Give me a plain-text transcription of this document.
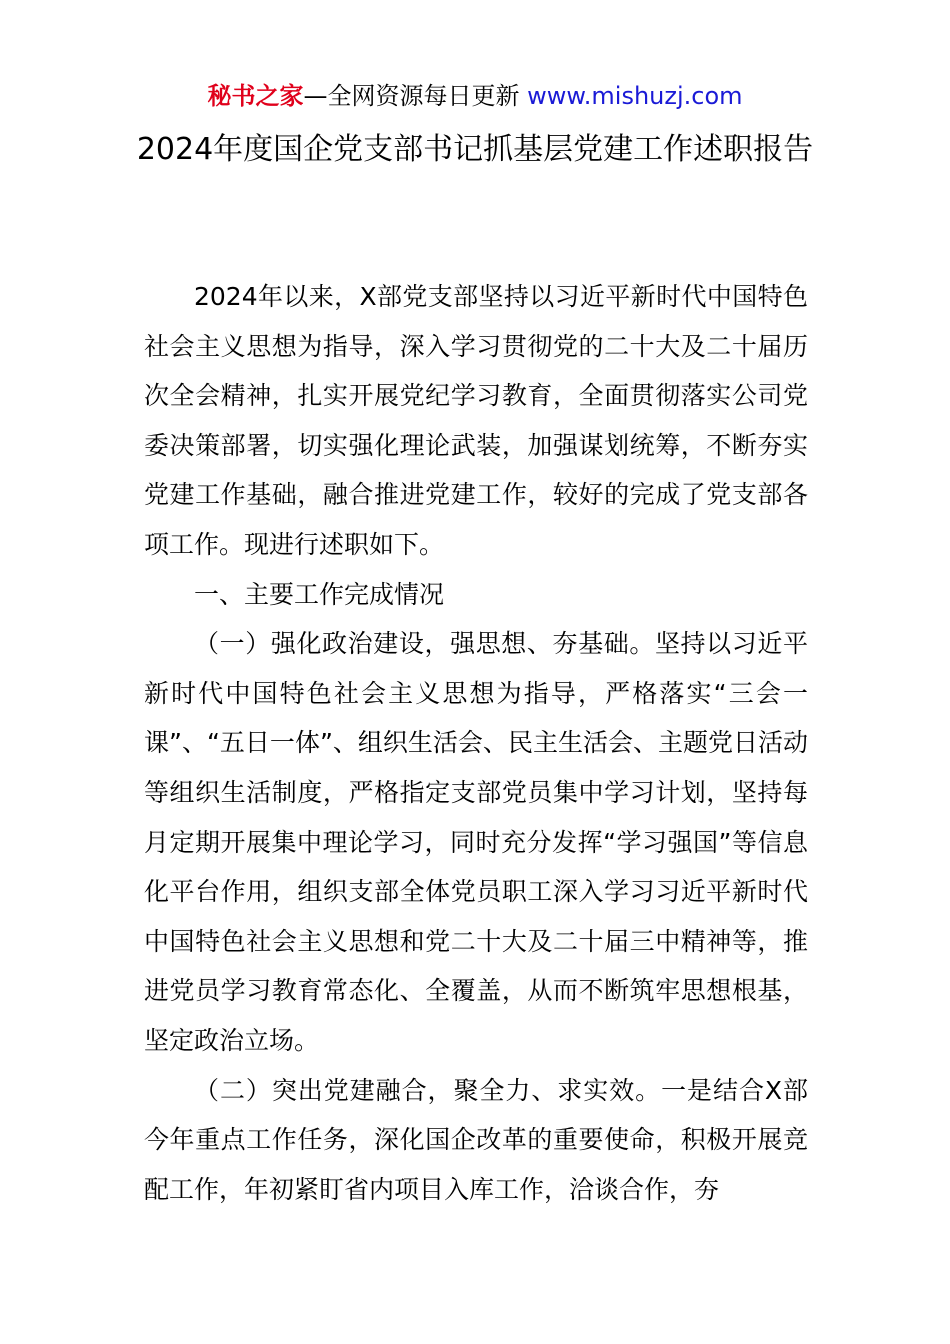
秘书之家—全网资源每日更新 www.mishuzj.com
2024年度国企党支部书记抓基层党建工作述职报告

2024年以来，X部党支部坚持以习近平新时代中国特色社会主义思想为指导，深入学习贯彻党的二十大及二十届历次全会精神，扎实开展党纪学习教育，全面贯彻落实公司党委决策部署，切实强化理论武装，加强谋划统筹，不断夯实党建工作基础，融合推进党建工作，较好的完成了党支部各项工作。现进行述职如下。

一、主要工作完成情况

（一）强化政治建设，强思想、夯基础。坚持以习近平新时代中国特色社会主义思想为指导，严格落实“三会一课”、“五日一体”、组织生活会、民主生活会、主题党日活动等组织生活制度，严格指定支部党员集中学习计划，坚持每月定期开展集中理论学习，同时充分发挥“学习强国”等信息化平台作用，组织支部全体党员职工深入学习习近平新时代中国特色社会主义思想和党二十大及二十届三中精神等，推进党员学习教育常态化、全覆盖，从而不断筑牢思想根基，坚定政治立场。

（二）突出党建融合，聚全力、求实效。一是结合X部今年重点工作任务，深化国企改革的重要使命，积极开展竞配工作，年初紧盯省内项目入库工作，洽谈合作，夯
